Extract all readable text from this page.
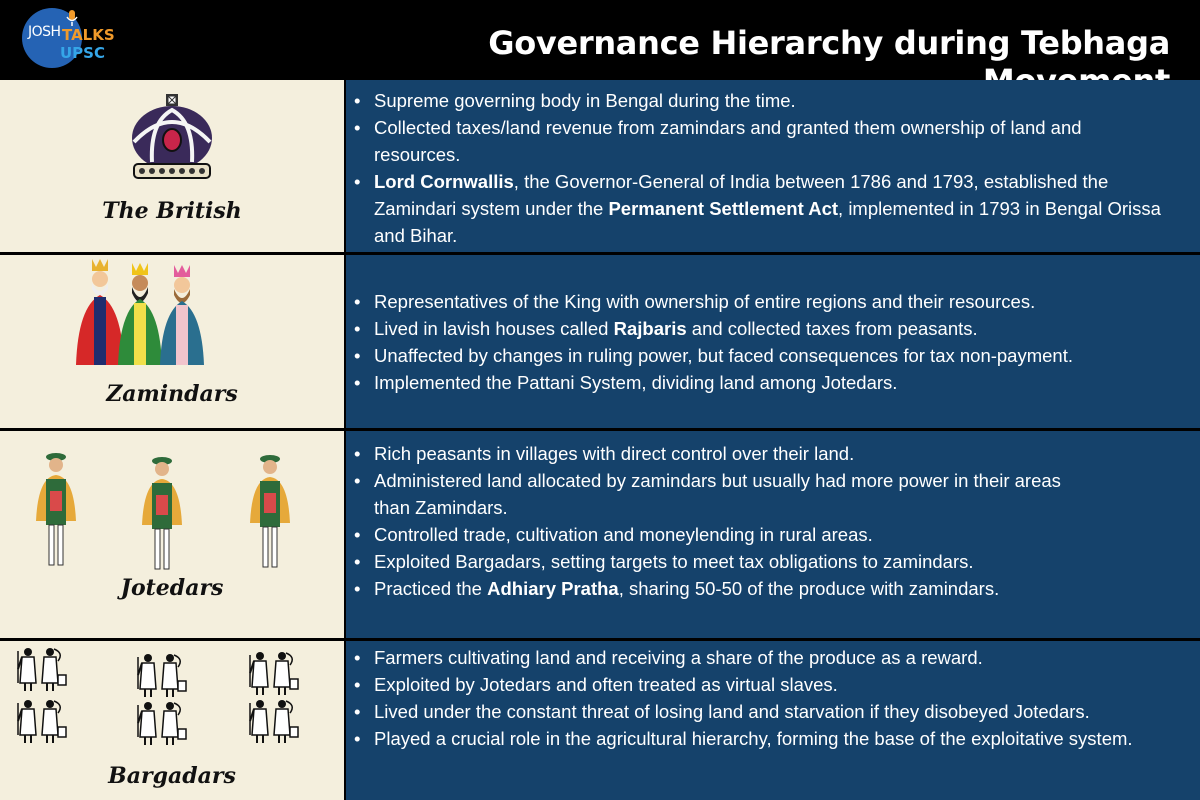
JOSH TALKS
UPSC	Governance Hierarchy during Tebhaga
The British
• Supreme governing body in Bengal during the time.
• Collected taxes/land revenue from zamindars and granted them ownership of land and resources.
• Lord Cornwallis, the Governor-General of India between 1786 and 1793, established the Zamindari system under the Permanent Settlement Act, implemented in 1793 in Bengal Orissa and Bihar.
Zamindars
• Representatives of the King with ownership of entire regions and their resources.
• Lived in lavish houses called Rajbaris and collected taxes from peasants.
• Unaffected by changes in ruling power, but faced consequences for tax non-payment.
• Implemented the Pattani System, dividing land among Jotedars.
Jotedars
• Rich peasants in villages with direct control over their land.
• Administered land allocated by zamindars but usually had more power in their areas than Zamindars.
• Controlled trade, cultivation and moneylending in rural areas.
• Exploited Bargadars, setting targets to meet tax obligations to zamindars.
• Practiced the Adhiary Pratha, sharing 50-50 of the produce with zamindars.
Bargadars
• Farmers cultivating land and receiving a share of the produce as a reward.
• Exploited by Jotedars and often treated as virtual slaves.
• Lived under the constant threat of losing land and starvation if they disobeyed Jotedars.
• Played a crucial role in the agricultural hierarchy, forming the base of the exploitative system.
